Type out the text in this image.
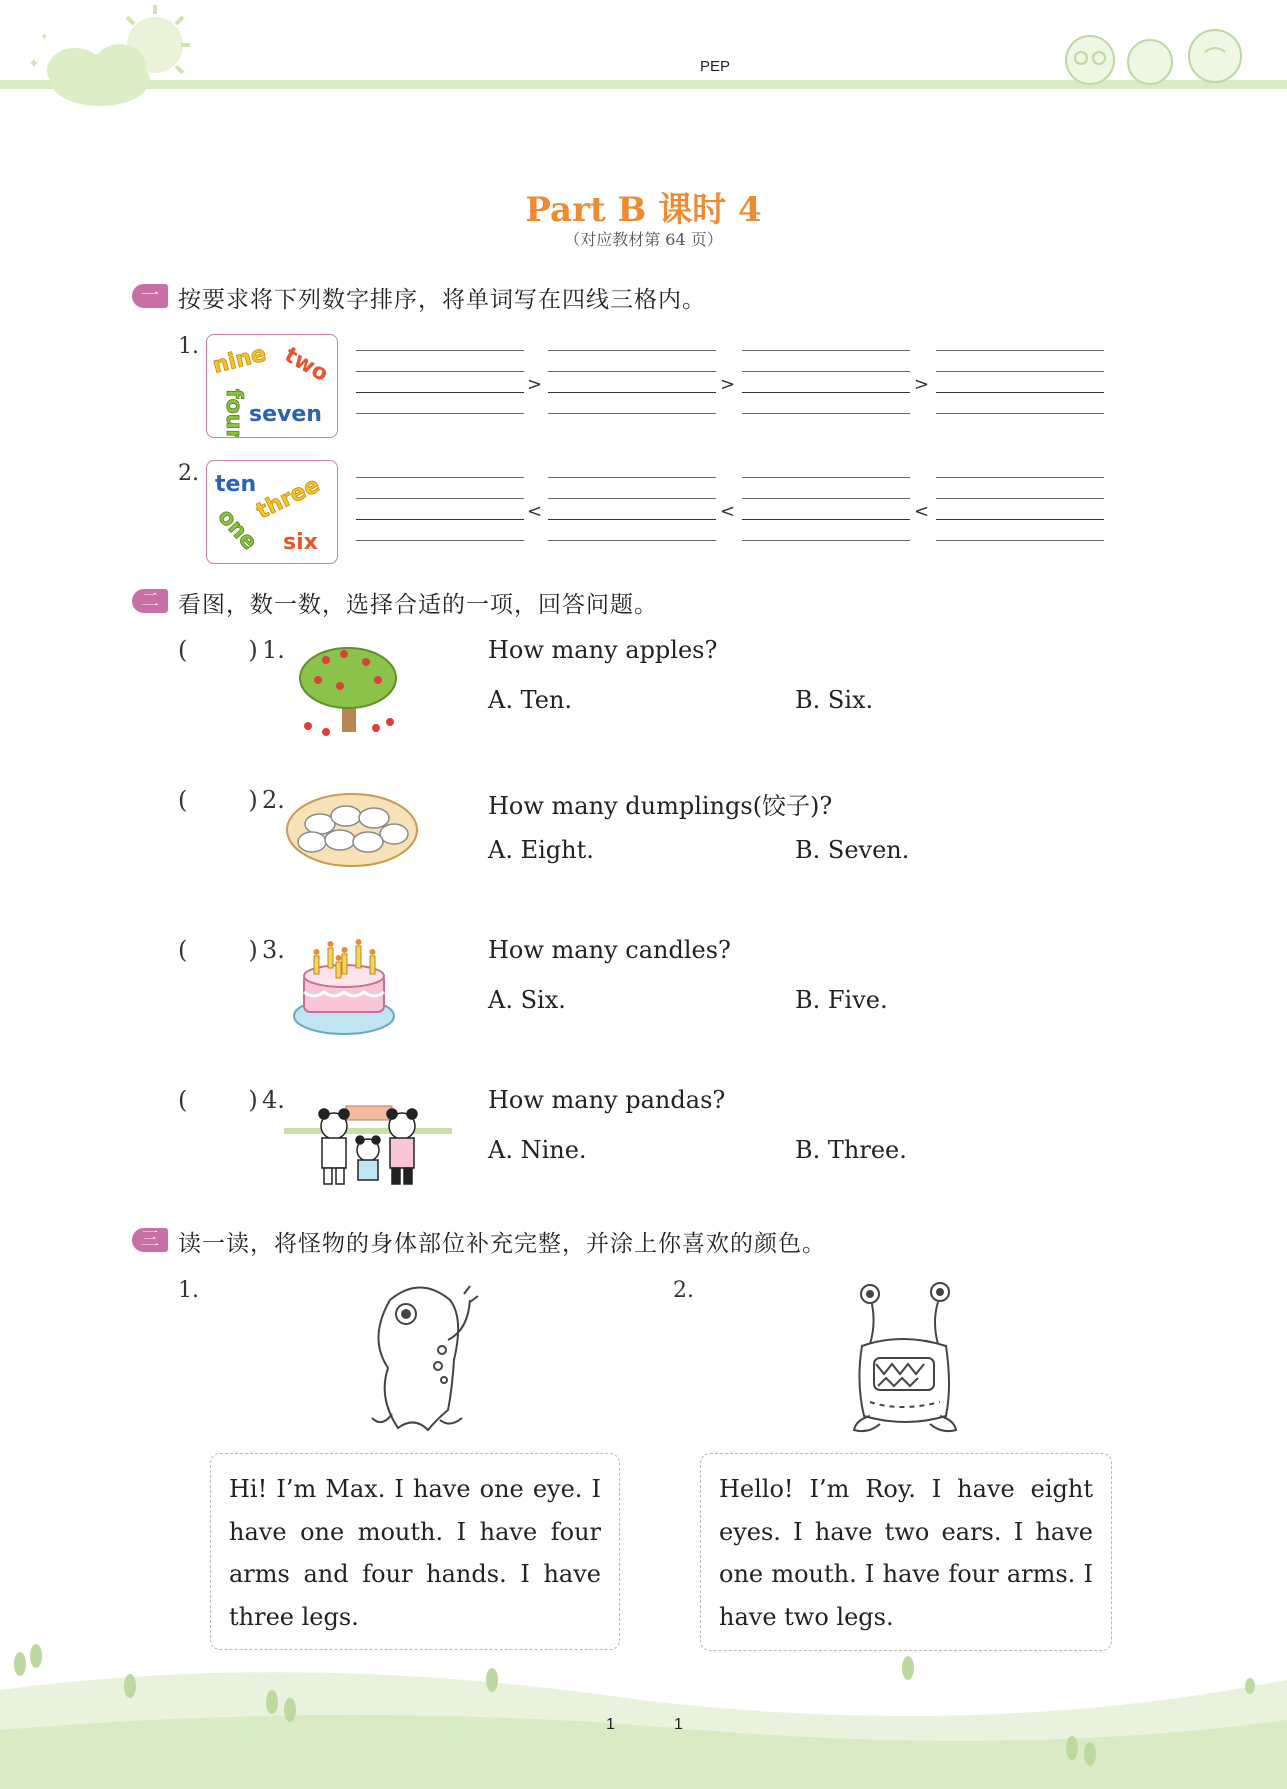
✦
✦
PEP
Part B 课时 4
（对应教材第 64 页）
一 按要求将下列数字排序，将单词写在四线三格内。
1. nine two
four seven
>	>	>
2. ten
three
one six
<	<	<
二 看图，数一数，选择合适的一项，回答问题。
(        ) 1.	How many apples?
A. Ten.	B. Six.
(        ) 2.	How many dumplings(饺子)?
A. Eight.	B. Seven.
(        ) 3.	How many candles?
A. Six.	B. Five.
(        ) 4.	How many pandas?
A. Nine.	B. Three.
三 读一读，将怪物的身体部位补充完整，并涂上你喜欢的颜色。
1.
Hi! I’m Max. I have one eye. I have one mouth. I have four arms and four hands. I have three legs.
2.
Hello! I’m Roy. I have eight eyes. I have two ears. I have one mouth. I have four arms. I have two legs.
1	1
